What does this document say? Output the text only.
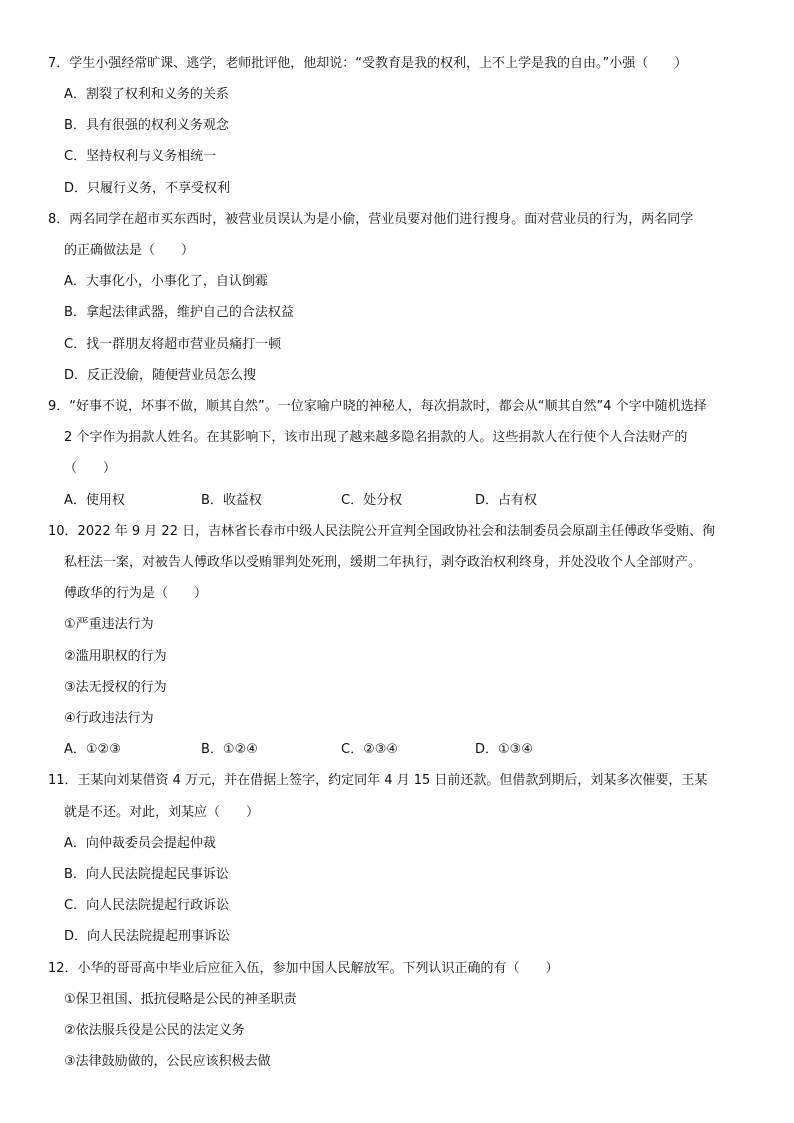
7．学生小强经常旷课、逃学，老师批评他，他却说：“受教育是我的权利，上不上学是我的自由。”小强（　　）
A．割裂了权利和义务的关系
B．具有很强的权利义务观念
C．坚持权利与义务相统一
D．只履行义务，不享受权利
8．两名同学在超市买东西时，被营业员误认为是小偷，营业员要对他们进行搜身。面对营业员的行为，两名同学
的正确做法是（　　）
A．大事化小，小事化了，自认倒霉
B．拿起法律武器，维护自己的合法权益
C．找一群朋友将超市营业员痛打一顿
D．反正没偷，随便营业员怎么搜
9．“好事不说，坏事不做，顺其自然”。一位家喻户晓的神秘人，每次捐款时，都会从“顺其自然”4 个字中随机选择
2 个字作为捐款人姓名。在其影响下，该市出现了越来越多隐名捐款的人。这些捐款人在行使个人合法财产的
（　　）
A．使用权	B．收益权	C．处分权	D．占有权
10．2022 年 9 月 22 日，吉林省长春市中级人民法院公开宣判全国政协社会和法制委员会原副主任傅政华受贿、徇
私枉法一案，对被告人傅政华以受贿罪判处死刑，缓期二年执行，剥夺政治权利终身，并处没收个人全部财产。
傅政华的行为是（　　）
①严重违法行为
②滥用职权的行为
③法无授权的行为
④行政违法行为
A．①②③	B．①②④	C．②③④	D．①③④
11．王某向刘某借资 4 万元，并在借据上签字，约定同年 4 月 15 日前还款。但借款到期后，刘某多次催要，王某
就是不还。对此，刘某应（　　）
A．向仲裁委员会提起仲裁
B．向人民法院提起民事诉讼
C．向人民法院提起行政诉讼
D．向人民法院提起刑事诉讼
12．小华的哥哥高中毕业后应征入伍，参加中国人民解放军。下列认识正确的有（　　）
①保卫祖国、抵抗侵略是公民的神圣职责
②依法服兵役是公民的法定义务
③法律鼓励做的，公民应该积极去做
